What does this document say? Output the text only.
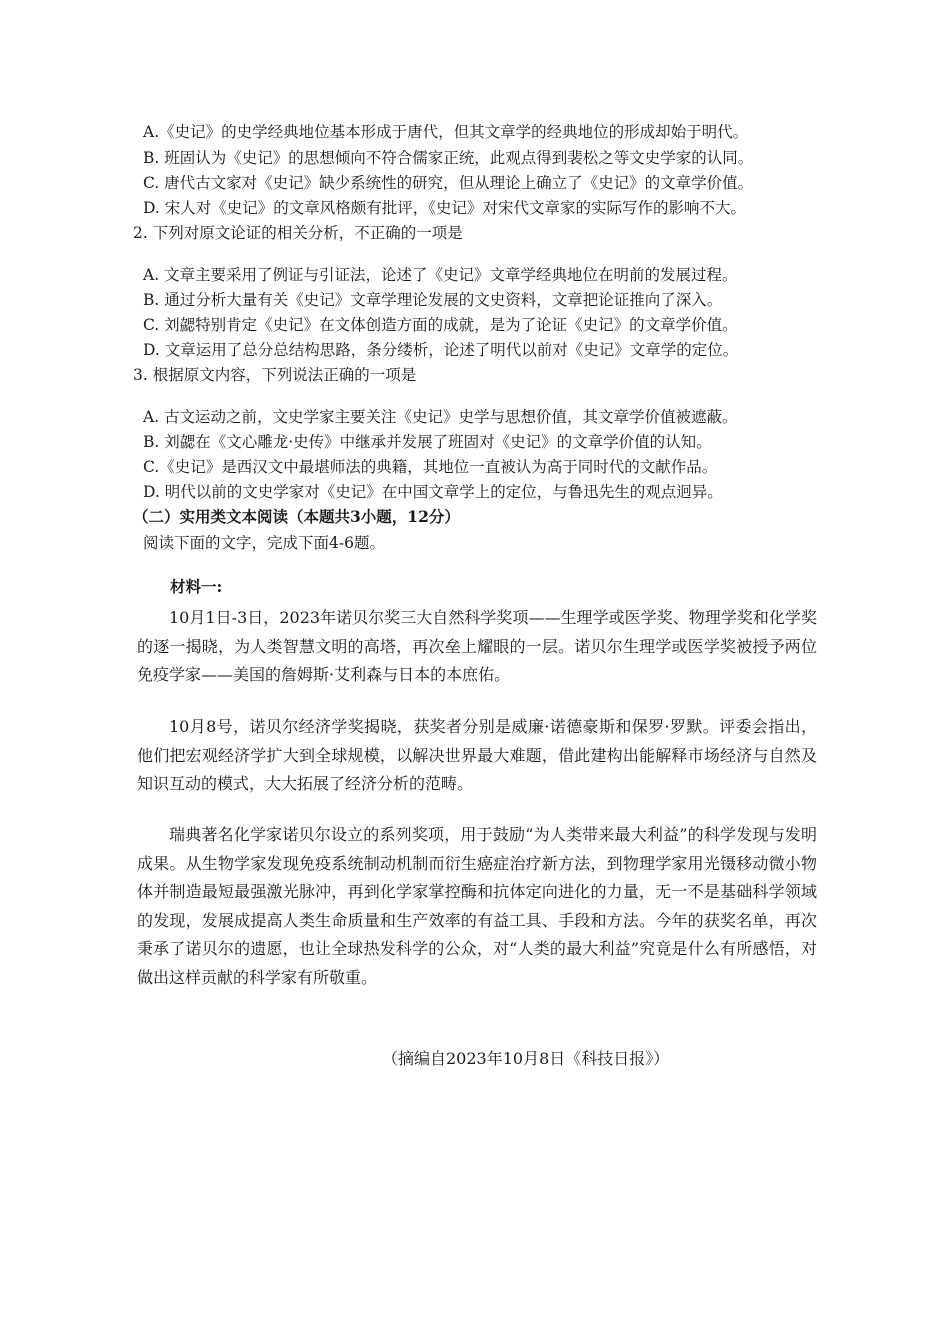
A.《史记》的史学经典地位基本形成于唐代，但其文章学的经典地位的形成却始于明代。
B. 班固认为《史记》的思想倾向不符合儒家正统，此观点得到裴松之等文史学家的认同。
C. 唐代古文家对《史记》缺少系统性的研究，但从理论上确立了《史记》的文章学价值。
D. 宋人对《史记》的文章风格颇有批评，《史记》对宋代文章家的实际写作的影响不大。
2. 下列对原文论证的相关分析，不正确的一项是
A. 文章主要采用了例证与引证法，论述了《史记》文章学经典地位在明前的发展过程。
B. 通过分析大量有关《史记》文章学理论发展的文史资料，文章把论证推向了深入。
C. 刘勰特别肯定《史记》在文体创造方面的成就，是为了论证《史记》的文章学价值。
D. 文章运用了总分总结构思路，条分缕析，论述了明代以前对《史记》文章学的定位。
3. 根据原文内容，下列说法正确的一项是
A. 古文运动之前，文史学家主要关注《史记》史学与思想价值，其文章学价值被遮蔽。
B. 刘勰在《文心雕龙·史传》中继承并发展了班固对《史记》的文章学价值的认知。
C.《史记》是西汉文中最堪师法的典籍，其地位一直被认为高于同时代的文献作品。
D. 明代以前的文史学家对《史记》在中国文章学上的定位，与鲁迅先生的观点迥异。
（二）实用类文本阅读（本题共3小题，12分）
阅读下面的文字，完成下面4-6题。
材料一:

10月1日-3日，2023年诺贝尔奖三大自然科学奖项——生理学或医学奖、物理学奖和化学奖的逐一揭晓，为人类智慧文明的高塔，再次垒上耀眼的一层。诺贝尔生理学或医学奖被授予两位免疫学家——美国的詹姆斯·艾利森与日本的本庶佑。

10月8号，诺贝尔经济学奖揭晓，获奖者分别是威廉·诺德豪斯和保罗·罗默。评委会指出，他们把宏观经济学扩大到全球规模，以解决世界最大难题，借此建构出能解释市场经济与自然及知识互动的模式，大大拓展了经济分析的范畴。

瑞典著名化学家诺贝尔设立的系列奖项，用于鼓励“为人类带来最大利益”的科学发现与发明成果。从生物学家发现免疫系统制动机制而衍生癌症治疗新方法，到物理学家用光镊移动微小物体并制造最短最强激光脉冲，再到化学家掌控酶和抗体定向进化的力量，无一不是基础科学领域的发现，发展成提高人类生命质量和生产效率的有益工具、手段和方法。今年的获奖名单，再次秉承了诺贝尔的遗愿，也让全球热发科学的公众，对“人类的最大利益”究竟是什么有所感悟，对做出这样贡献的科学家有所敬重。

（摘编自2023年10月8日《科技日报》）
